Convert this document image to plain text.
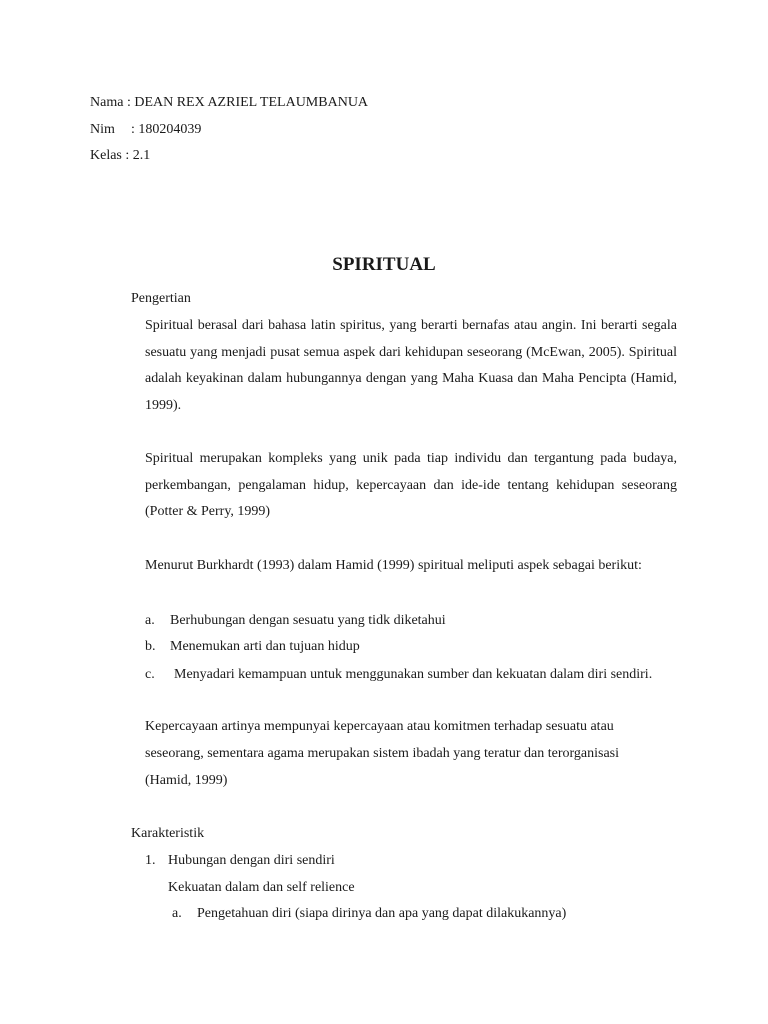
Nama : DEAN REX AZRIEL TELAUMBANUA
Nim : 180204039
Kelas : 2.1
SPIRITUAL
Pengertian
Spiritual berasal dari bahasa latin spiritus, yang berarti bernafas atau angin. Ini berarti segala sesuatu yang menjadi pusat semua aspek dari kehidupan seseorang (McEwan, 2005). Spiritual adalah keyakinan dalam hubungannya dengan yang Maha Kuasa dan Maha Pencipta (Hamid, 1999).
Spiritual merupakan kompleks yang unik pada tiap individu dan tergantung pada budaya, perkembangan, pengalaman hidup, kepercayaan dan ide-ide tentang kehidupan seseorang (Potter & Perry, 1999)
Menurut Burkhardt (1993) dalam Hamid (1999) spiritual meliputi aspek sebagai berikut:
a. Berhubungan dengan sesuatu yang tidk diketahui
b. Menemukan arti dan tujuan hidup
c. Menyadari kemampuan untuk menggunakan sumber dan kekuatan dalam diri sendiri.
Kepercayaan artinya mempunyai kepercayaan atau komitmen terhadap sesuatu atau
seseorang, sementara agama merupakan sistem ibadah yang teratur dan terorganisasi
(Hamid, 1999)
Karakteristik
1. Hubungan dengan diri sendiri
Kekuatan dalam dan self relience
a. Pengetahuan diri (siapa dirinya dan apa yang dapat dilakukannya)
